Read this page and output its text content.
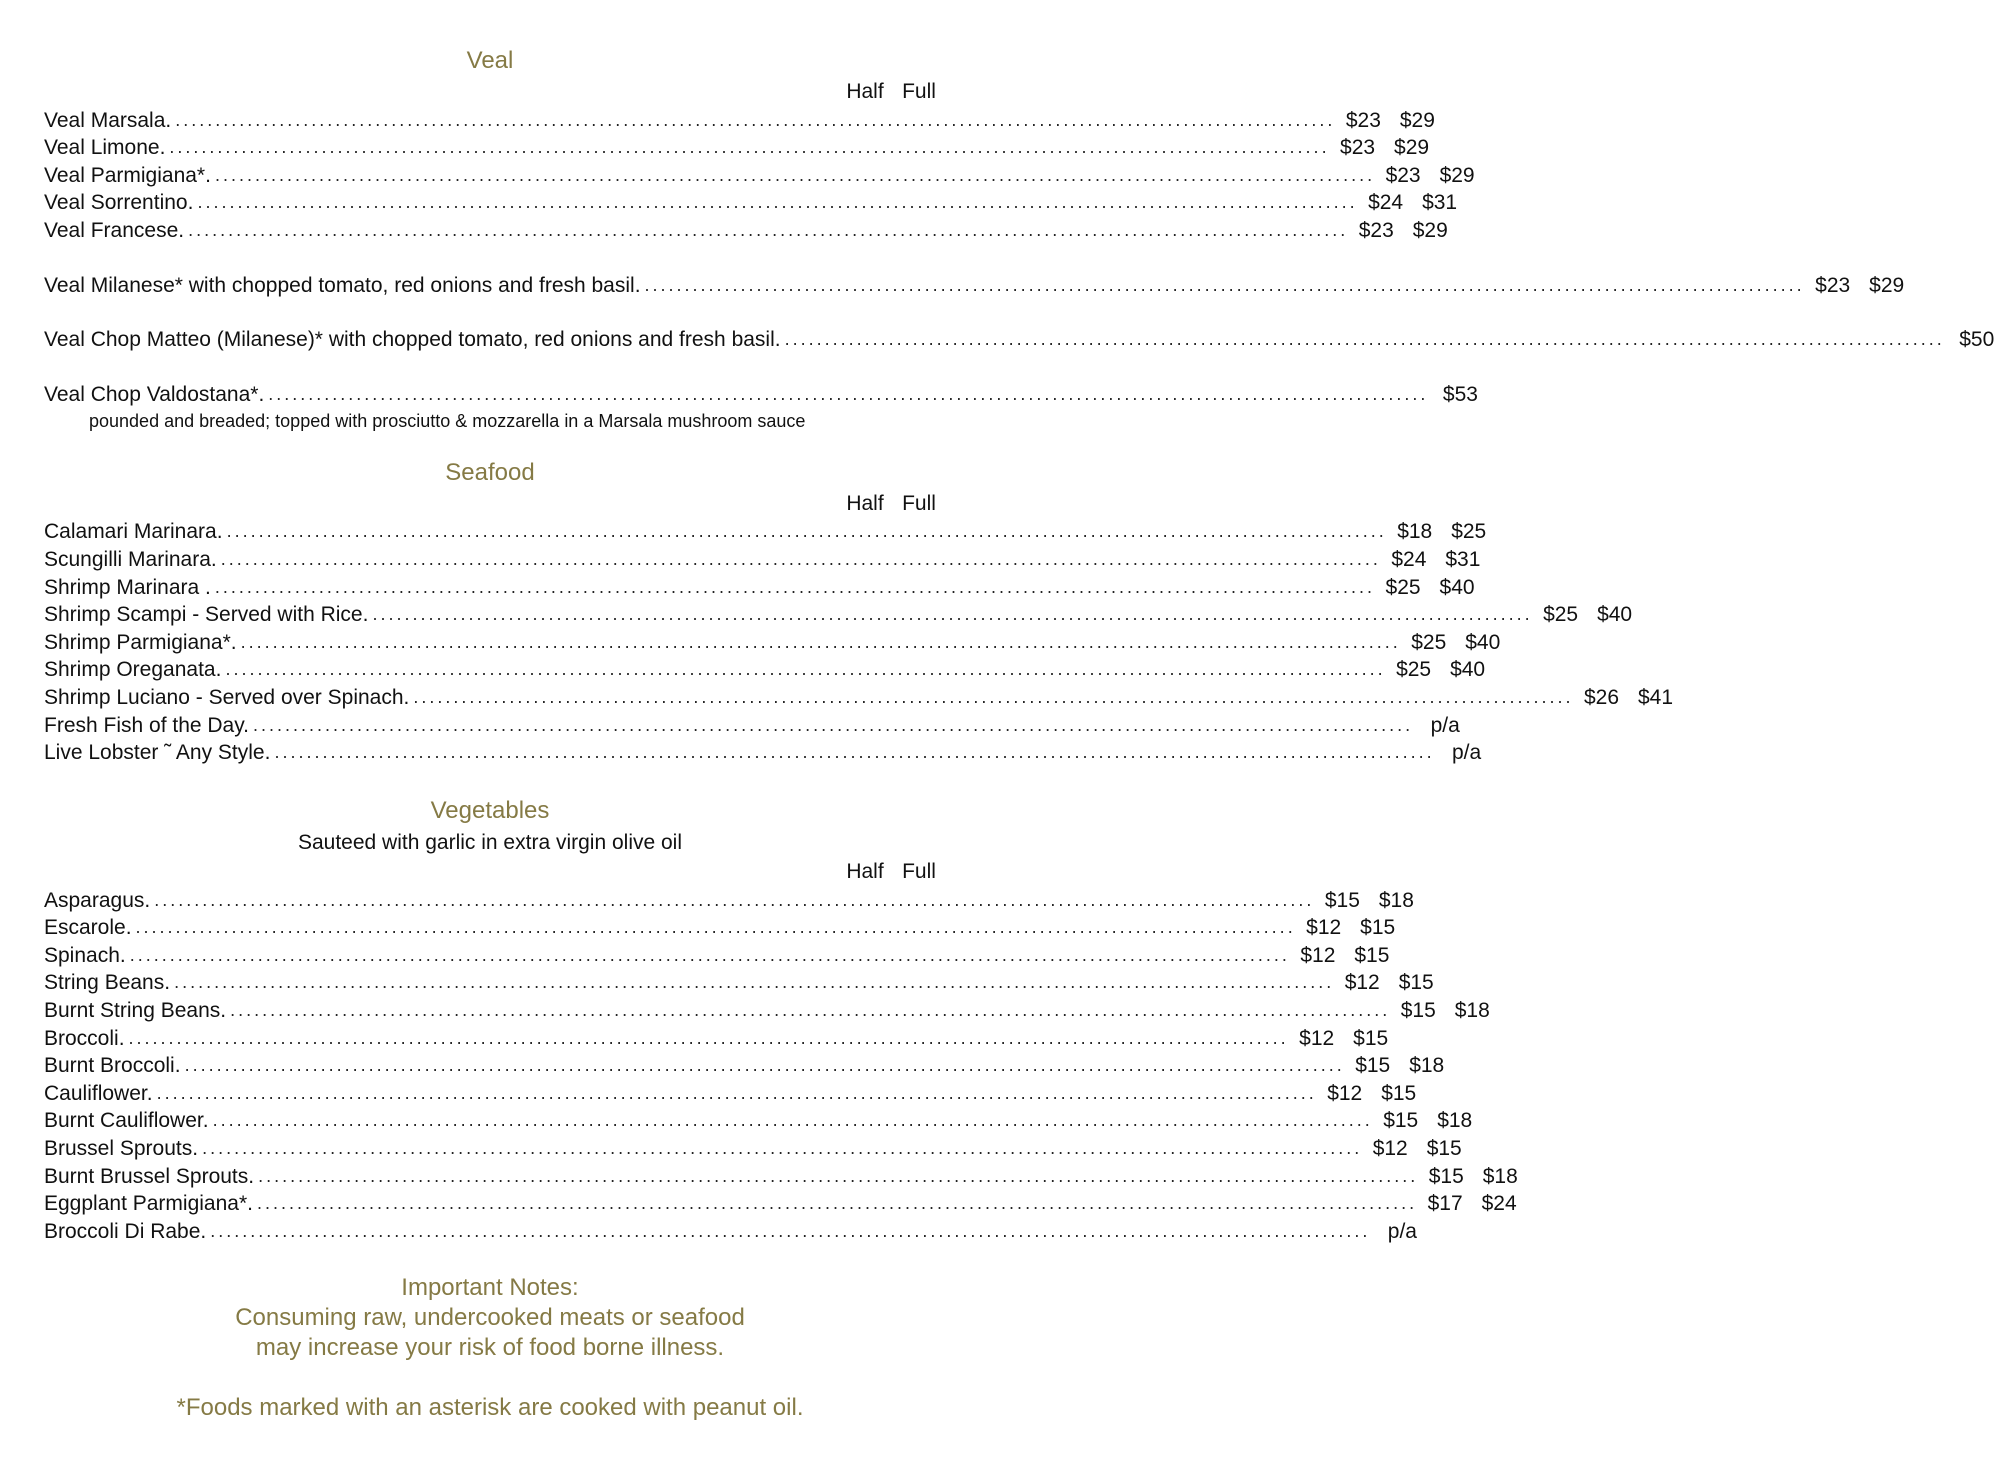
Veal
Half Full
Veal Marsala. ................................................................................................................................................. $23 $29
Veal Limone. ................................................................................................................................................. $23 $29
Veal Parmigiana*. ................................................................................................................................................. $23 $29
Veal Sorrentino. ................................................................................................................................................. $24 $31
Veal Francese. ................................................................................................................................................. $23 $29
Veal Milanese* with chopped tomato, red onions and fresh basil. ................................................................................................................................................. $23 $29
Veal Chop Matteo (Milanese)* with chopped tomato, red onions and fresh basil. ................................................................................................................................................. $50
Veal Chop Valdostana*. ................................................................................................................................................. $53
pounded and breaded; topped with prosciutto & mozzarella in a Marsala mushroom sauce
Seafood
Half Full
Calamari Marinara. ................................................................................................................................................. $18 $25
Scungilli Marinara. ................................................................................................................................................. $24 $31
Shrimp Marinara . ................................................................................................................................................. $25 $40
Shrimp Scampi - Served with Rice. ................................................................................................................................................. $25 $40
Shrimp Parmigiana*. ................................................................................................................................................. $25 $40
Shrimp Oreganata. ................................................................................................................................................. $25 $40
Shrimp Luciano - Served over Spinach. ................................................................................................................................................. $26 $41
Fresh Fish of the Day. ................................................................................................................................................. p/a
Live Lobster ˜ Any Style. ................................................................................................................................................. p/a
Vegetables
Sauteed with garlic in extra virgin olive oil
Half Full
Asparagus. ................................................................................................................................................. $15 $18
Escarole. ................................................................................................................................................. $12 $15
Spinach. ................................................................................................................................................. $12 $15
String Beans. ................................................................................................................................................. $12 $15
Burnt String Beans. ................................................................................................................................................. $15 $18
Broccoli. ................................................................................................................................................. $12 $15
Burnt Broccoli. ................................................................................................................................................. $15 $18
Cauliflower. ................................................................................................................................................. $12 $15
Burnt Cauliflower. ................................................................................................................................................. $15 $18
Brussel Sprouts. ................................................................................................................................................. $12 $15
Burnt Brussel Sprouts. ................................................................................................................................................. $15 $18
Eggplant Parmigiana*. ................................................................................................................................................. $17 $24
Broccoli Di Rabe. ................................................................................................................................................. p/a
Important Notes:
Consuming raw, undercooked meats or seafood
may increase your risk of food borne illness.
*Foods marked with an asterisk are cooked with peanut oil.
